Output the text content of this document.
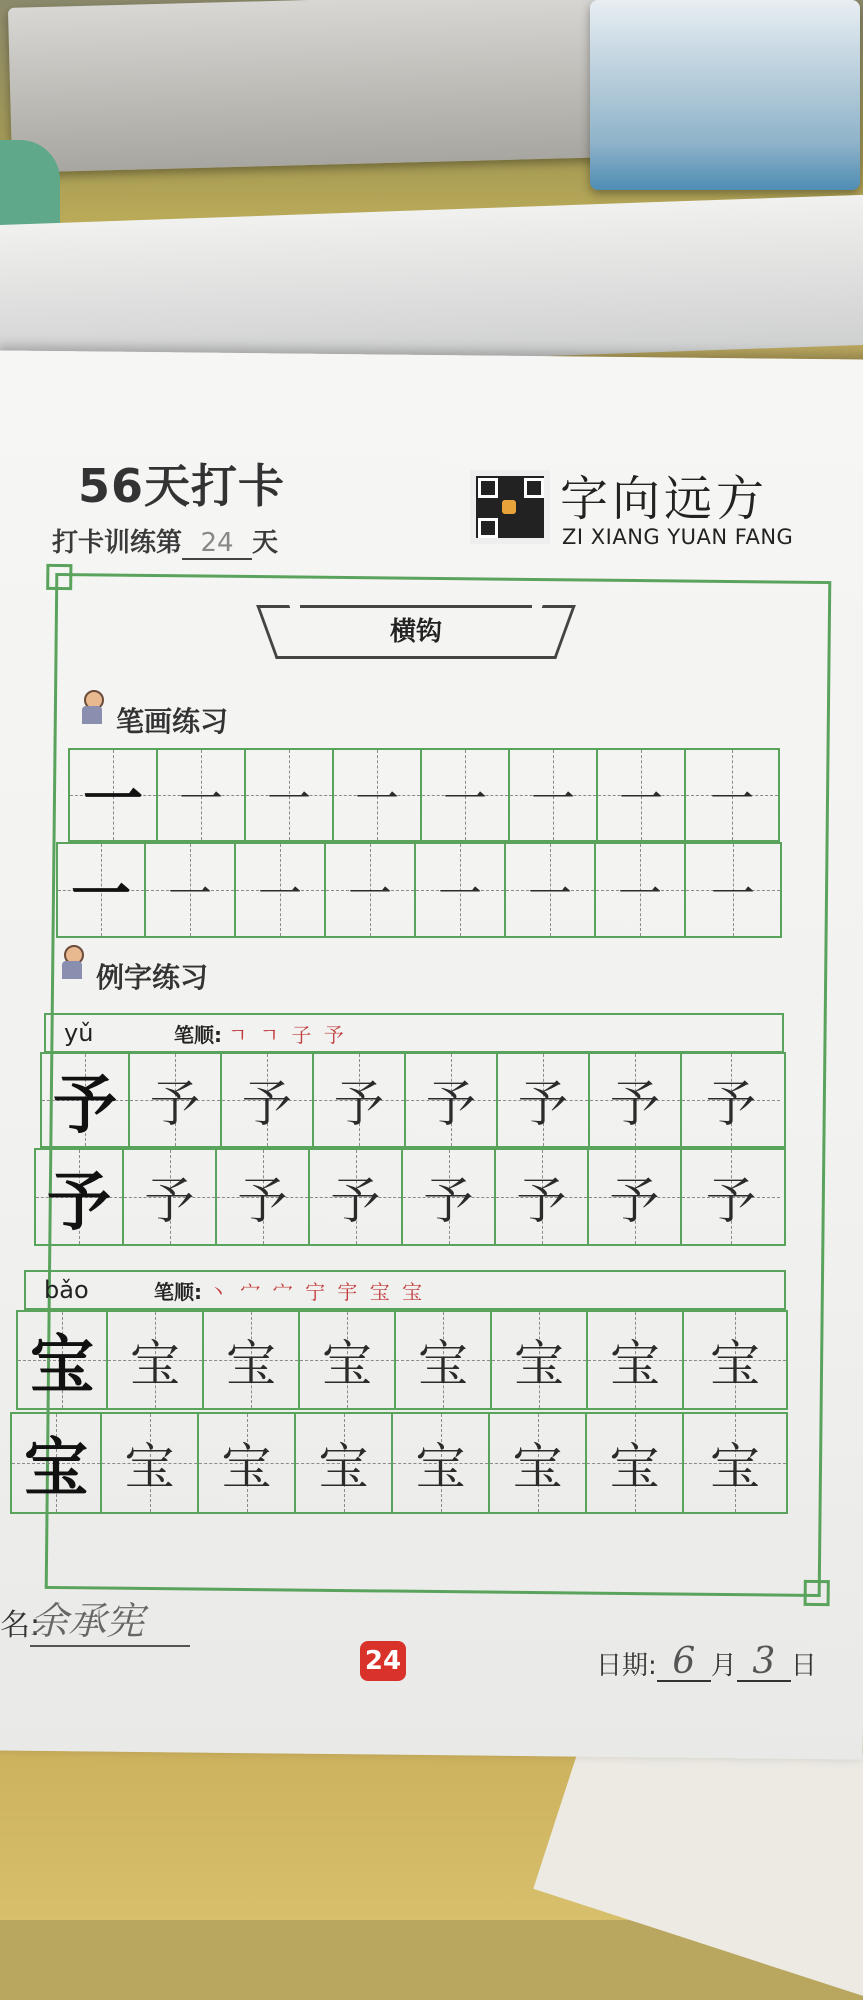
56天打卡
打卡训练第 24 天
字向远方
ZI XIANG YUAN FANG
横钩
笔画练习
一 一	一	一	一	一	一	一
一 一	一	一	一	一	一	一
例字练习
yǔ	笔顺: ㄱ ㄱ 子 予
予 予 予 予 予 予 予 予
予 予 予 予 予 予 予 予
bǎo	笔顺: 丶 宀 宀 宁 宇 宝 宝
宝 宝 宝 宝 宝 宝 宝	宝
宝 宝 宝 宝 宝 宝 宝	宝
名:
余承宪
24	日期: 6 月 3 日
